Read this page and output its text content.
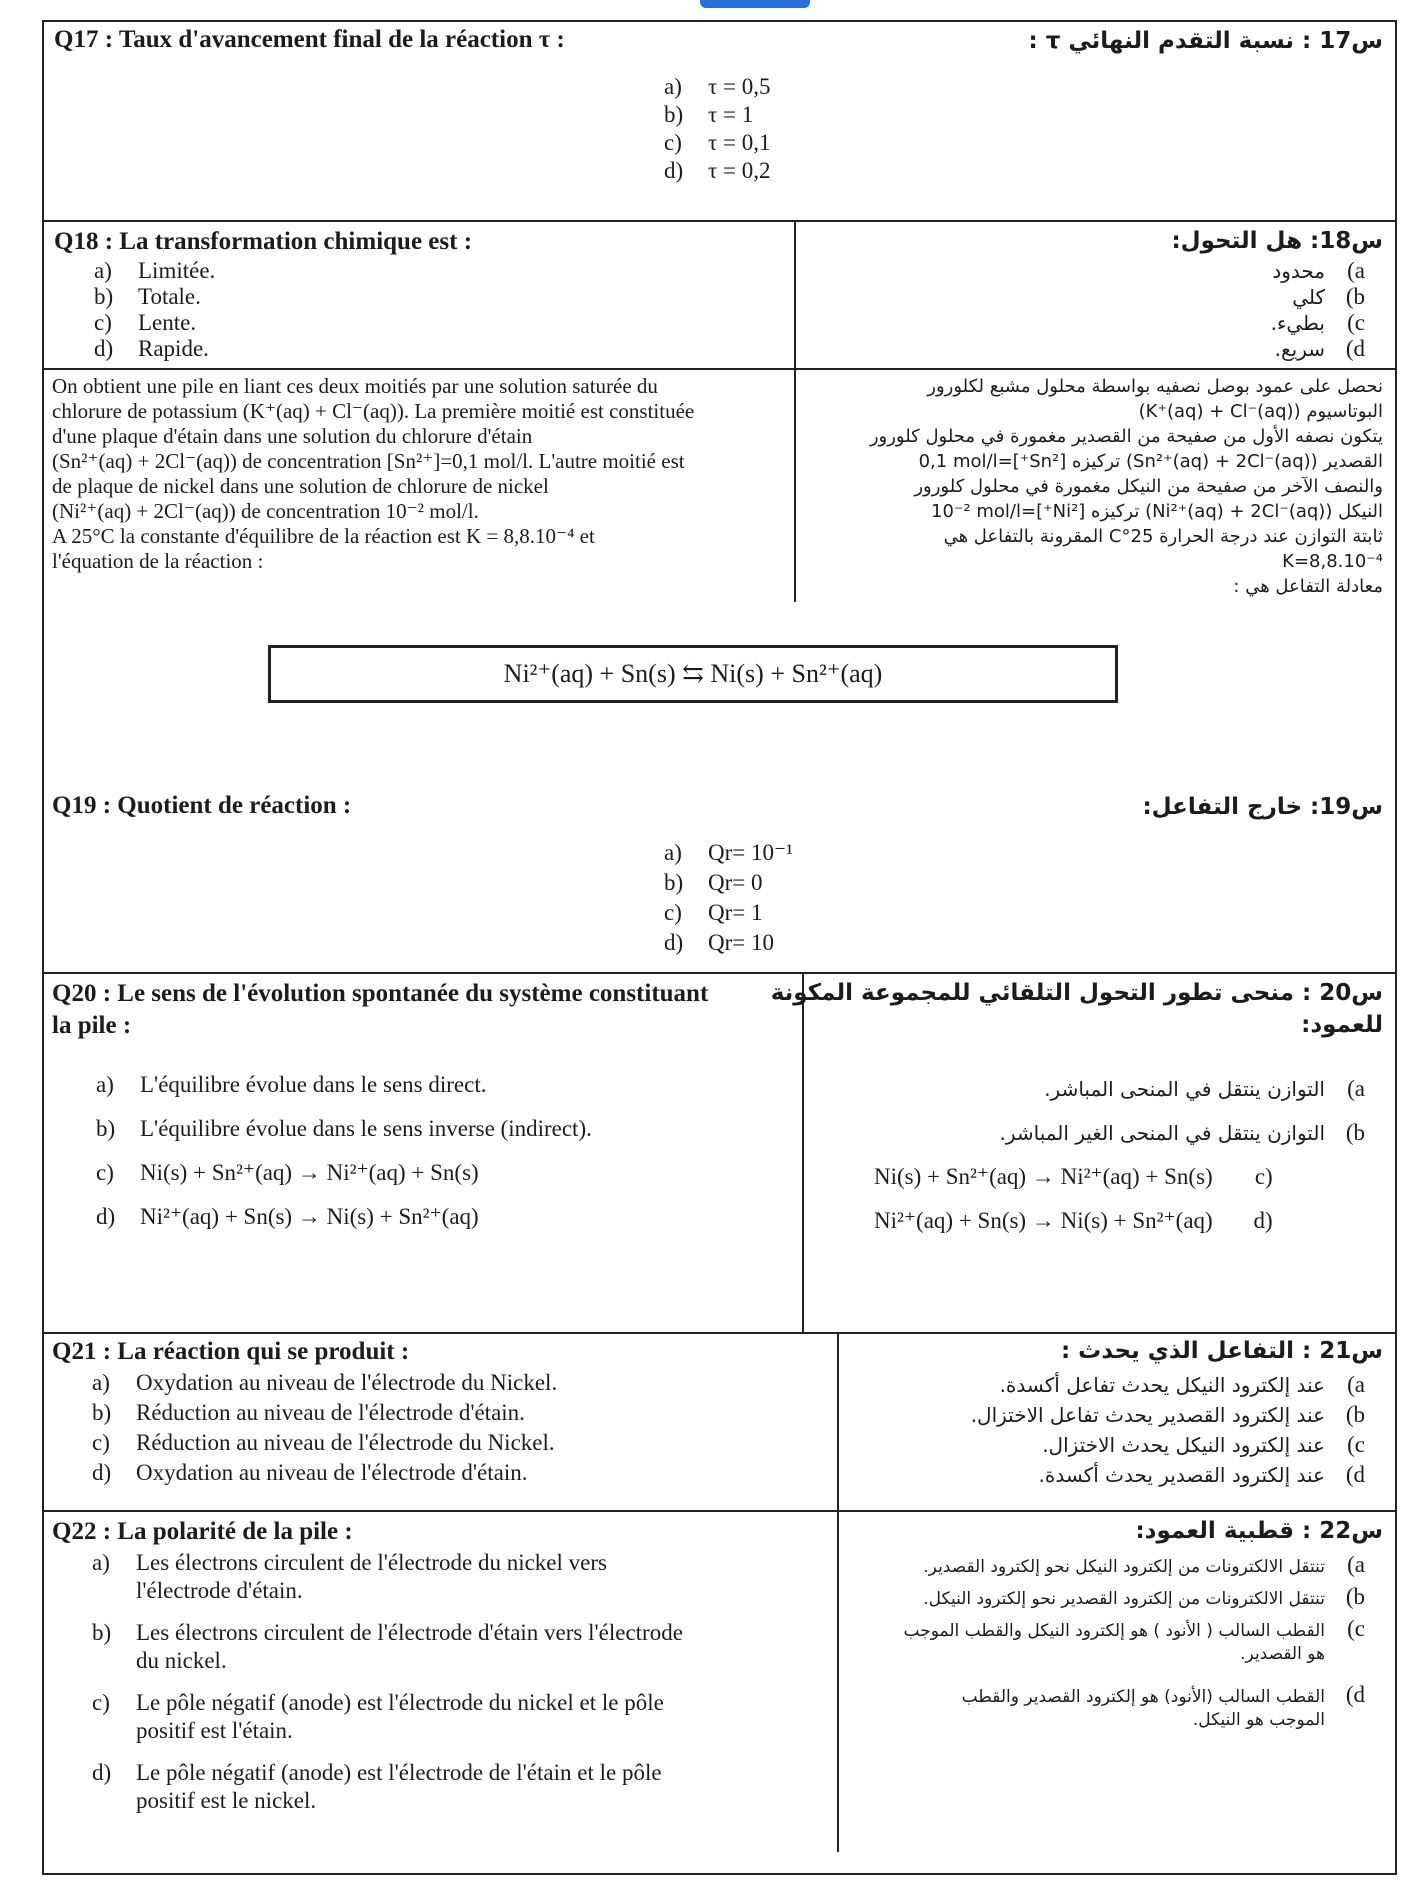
Q17 : Taux d'avancement final de la réaction τ :	س17 : نسبة التقدم النهائي τ :
a) τ = 0,5
b) τ = 1
c) τ = 0,1
d) τ = 0,2
Q18 : La transformation chimique est :
a) Limitée.
b) Totale.
c) Lente.
d) Rapide.
س18: هل التحول:
a)محدود
b)كلي
c)بطيء.
d)سريع.
On obtient une pile en liant ces deux moitiés par une solution saturée du
chlorure de potassium (K⁺(aq) + Cl⁻(aq)). La première moitié est constituée
d'une plaque d'étain dans une solution du chlorure d'étain
(Sn²⁺(aq) + 2Cl⁻(aq)) de concentration [Sn²⁺]=0,1 mol/l. L'autre moitié est
de plaque de nickel dans une solution de chlorure de nickel
(Ni²⁺(aq) + 2Cl⁻(aq)) de concentration 10⁻² mol/l.
A 25°C la constante d'équilibre de la réaction est K = 8,8.10⁻⁴ et
l'équation de la réaction :
نحصل على عمود بوصل نصفيه بواسطة محلول مشبع لكلورور
البوتاسيوم (K⁺(aq) + Cl⁻(aq))
يتكون نصفه الأول من صفيحة من القصدير مغمورة في محلول كلورور
القصدير (Sn²⁺(aq) + 2Cl⁻(aq)) تركيزه [Sn²⁺]=0,1 mol/l
والنصف الآخر من صفيحة من النيكل مغمورة في محلول كلورور
النيكل (Ni²⁺(aq) + 2Cl⁻(aq)) تركيزه [Ni²⁺]=10⁻² mol/l
ثابتة التوازن عند درجة الحرارة 25°C المقرونة بالتفاعل هي
K=8,8.10⁻⁴
معادلة التفاعل هي :
Q19 : Quotient de réaction :	س19: خارج التفاعل:
a) Qr= 10⁻¹
b) Qr= 0
c) Qr= 1
d) Qr= 10
Q20 : Le sens de l'évolution spontanée du système constituant
la pile :
a) L'équilibre évolue dans le sens direct.
b) L'équilibre évolue dans le sens inverse (indirect).
c) Ni(s) + Sn²⁺(aq) → Ni²⁺(aq) + Sn(s)
d) Ni²⁺(aq) + Sn(s) → Ni(s) + Sn²⁺(aq)
س20 : منحى تطور التحول التلقائي للمجموعة المكونة
للعمود:
a)التوازن ينتقل في المنحى المباشر.
b)التوازن ينتقل في المنحى الغير المباشر.
Ni(s) + Sn²⁺(aq) → Ni²⁺(aq) + Sn(s) c)
Ni²⁺(aq) + Sn(s) → Ni(s) + Sn²⁺(aq) d)
Q21 : La réaction qui se produit :
a) Oxydation au niveau de l'électrode du Nickel.
b) Réduction au niveau de l'électrode d'étain.
c) Réduction au niveau de l'électrode du Nickel.
d) Oxydation au niveau de l'électrode d'étain.
س21 : التفاعل الذي يحدث :
a)عند إلكترود النيكل يحدث تفاعل أكسدة.
b)عند إلكترود القصدير يحدث تفاعل الاختزال.
c)عند إلكترود النيكل يحدث الاختزال.
d)عند إلكترود القصدير يحدث أكسدة.
Q22 : La polarité de la pile :
a) Les électrons circulent de l'électrode du nickel vers
l'électrode d'étain.
b) Les électrons circulent de l'électrode d'étain vers l'électrode
du nickel.
c) Le pôle négatif (anode) est l'électrode du nickel et le pôle
positif est l'étain.
d) Le pôle négatif (anode) est l'électrode de l'étain et le pôle
positif est le nickel.
س22 : قطبية العمود:
a)تنتقل الالكترونات من إلكترود النيكل نحو إلكترود القصدير.
b)تنتقل الالكترونات من إلكترود القصدير نحو إلكترود النيكل.
c)القطب السالب ( الأنود ) هو إلكترود النيكل والقطب الموجب
هو القصدير.
d)القطب السالب (الأنود) هو إلكترود القصدير والقطب
الموجب هو النيكل.
Ni²⁺(aq) + Sn(s) ⇆ Ni(s) + Sn²⁺(aq)
